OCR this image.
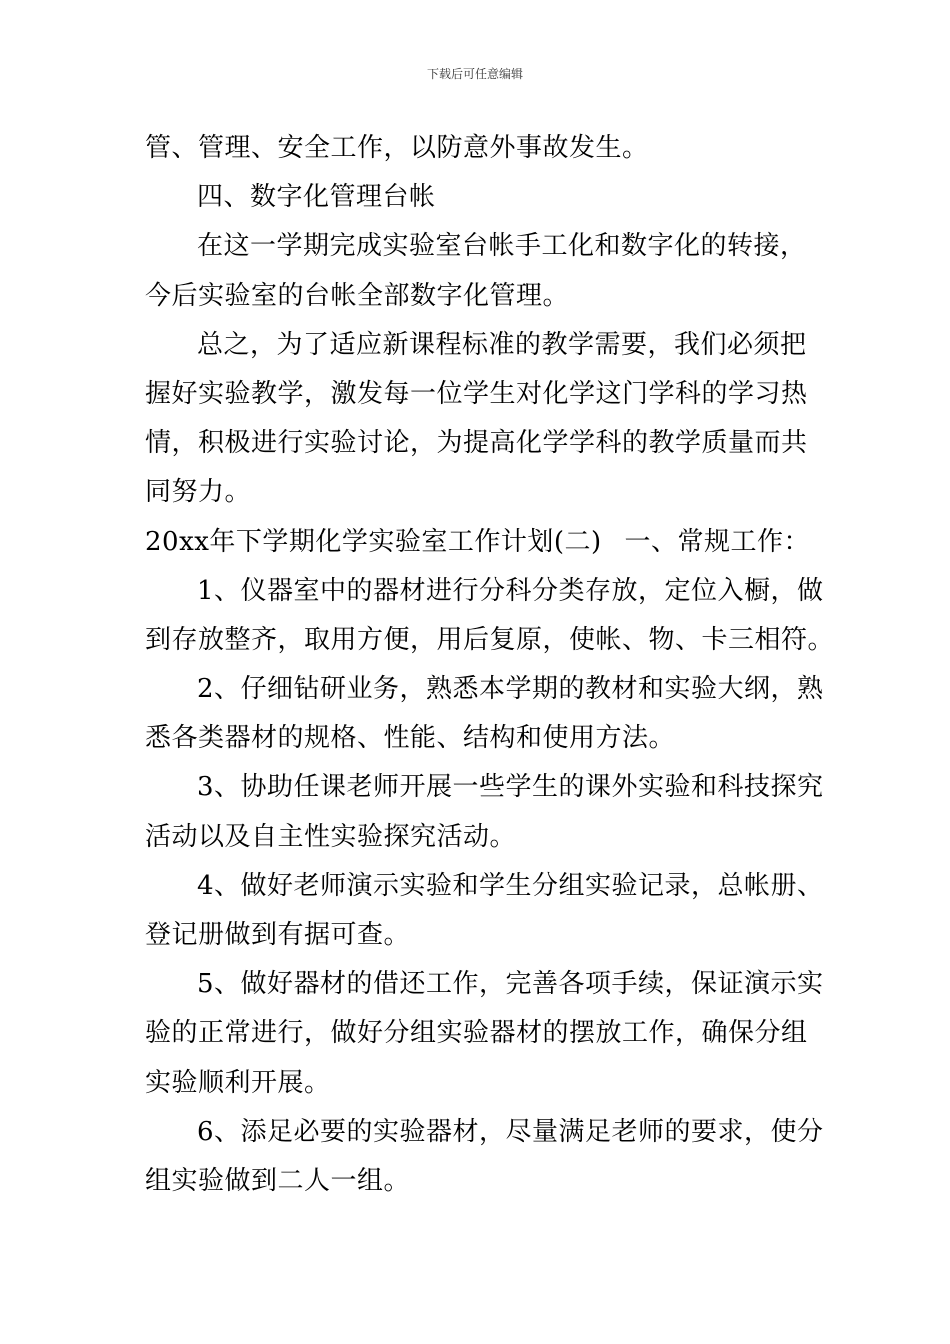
下载后可任意编辑
管、管理、安全工作，以防意外事故发生。
四、数字化管理台帐
在这一学期完成实验室台帐手工化和数字化的转接，
今后实验室的台帐全部数字化管理。
总之，为了适应新课程标准的教学需要，我们必须把
握好实验教学，激发每一位学生对化学这门学科的学习热
情，积极进行实验讨论，为提高化学学科的教学质量而共
同努力。
20xx年下学期化学实验室工作计划(二) 一、常规工作：
1、仪器室中的器材进行分科分类存放，定位入橱，做
到存放整齐，取用方便，用后复原，使帐、物、卡三相符。
2、仔细钻研业务，熟悉本学期的教材和实验大纲，熟
悉各类器材的规格、性能、结构和使用方法。
3、协助任课老师开展一些学生的课外实验和科技探究
活动以及自主性实验探究活动。
4、做好老师演示实验和学生分组实验记录，总帐册、
登记册做到有据可查。
5、做好器材的借还工作，完善各项手续，保证演示实
验的正常进行，做好分组实验器材的摆放工作，确保分组
实验顺利开展。
6、添足必要的实验器材，尽量满足老师的要求，使分
组实验做到二人一组。
